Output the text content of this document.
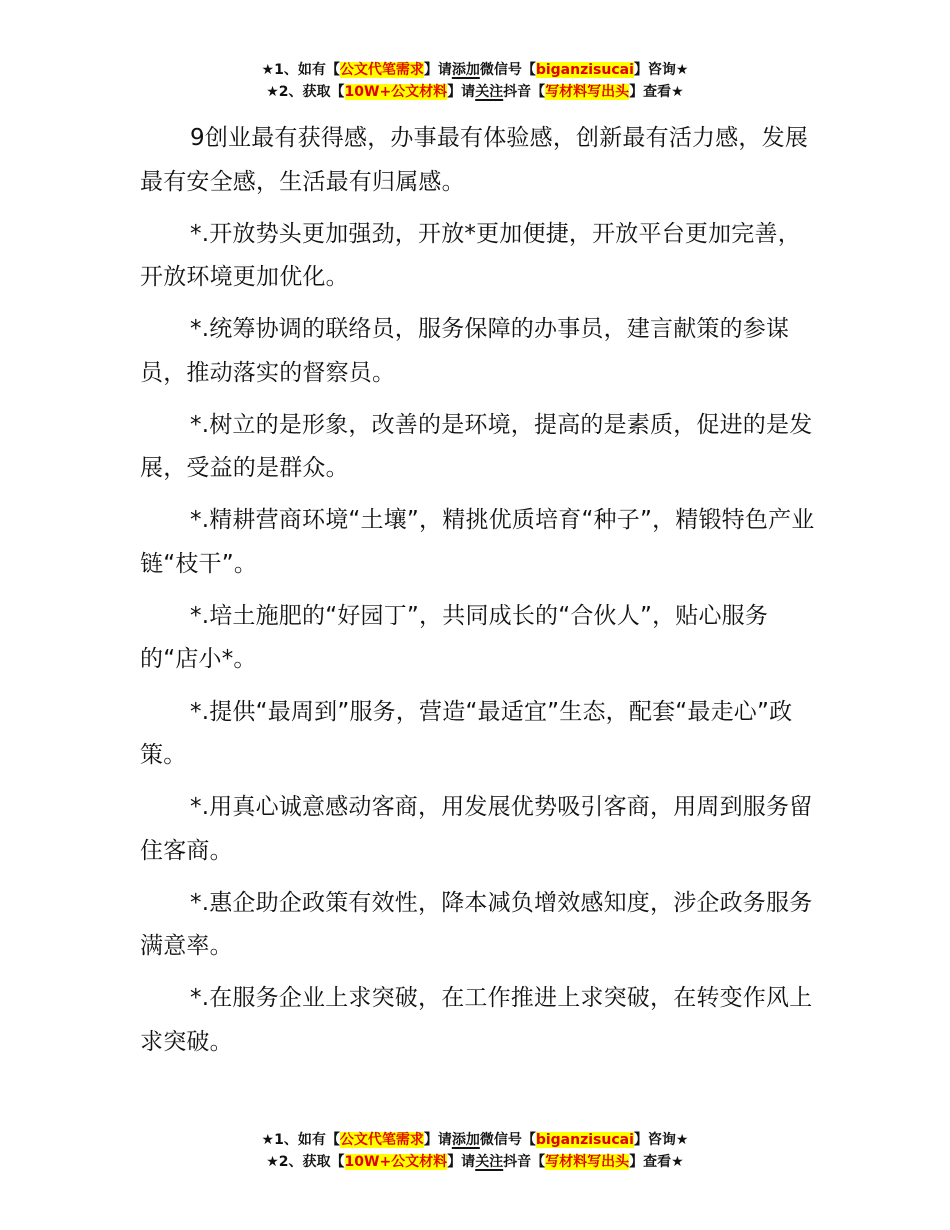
★1、如有【公文代笔需求】请添加微信号【biganzisucai】咨询★
★2、获取【10W+公文材料】请关注抖音【写材料写出头】查看★

9创业最有获得感，办事最有体验感，创新最有活力感，发展最有安全感，生活最有归属感。

*.开放势头更加强劲，开放*更加便捷，开放平台更加完善，开放环境更加优化。

*.统筹协调的联络员，服务保障的办事员，建言献策的参谋员，推动落实的督察员。

*.树立的是形象，改善的是环境，提高的是素质，促进的是发展，受益的是群众。

*.精耕营商环境“土壤”，精挑优质培育“种子”，精锻特色产业链“枝干”。

*.培土施肥的“好园丁”，共同成长的“合伙人”，贴心服务的“店小*。

*.提供“最周到”服务，营造“最适宜”生态，配套“最走心”政策。

*.用真心诚意感动客商，用发展优势吸引客商，用周到服务留住客商。

*.惠企助企政策有效性，降本减负增效感知度，涉企政务服务满意率。

*.在服务企业上求突破，在工作推进上求突破，在转变作风上求突破。

★1、如有【公文代笔需求】请添加微信号【biganzisucai】咨询★
★2、获取【10W+公文材料】请关注抖音【写材料写出头】查看★
